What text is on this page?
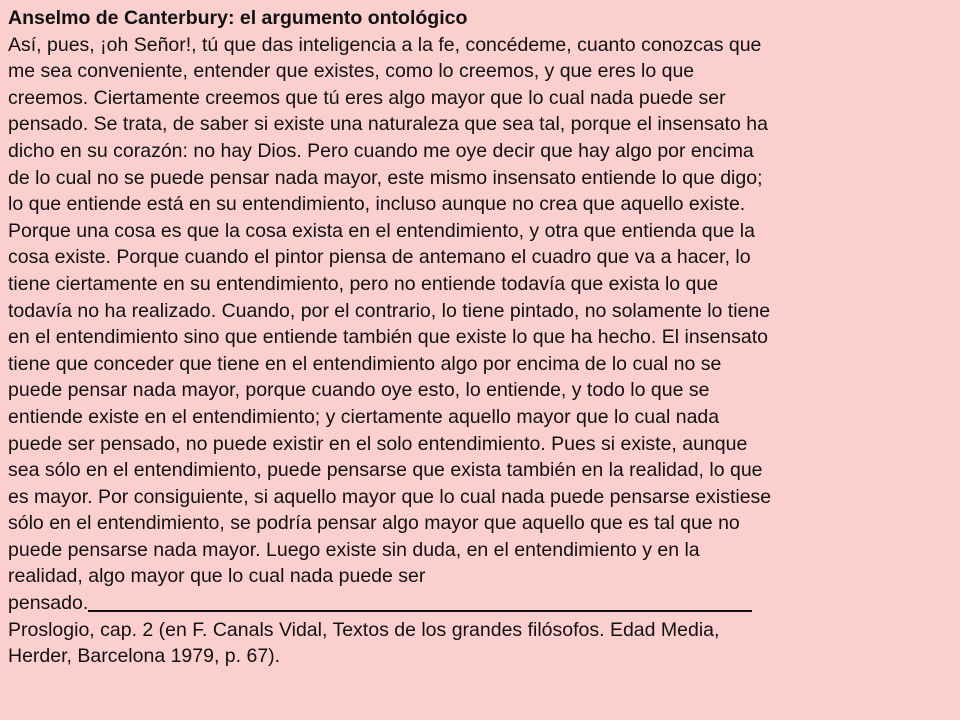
Anselmo de Canterbury: el argumento ontológico

Así, pues, ¡oh Señor!, tú que das inteligencia a la fe, concédeme, cuanto conozcas que

me sea conveniente, entender que existes, como lo creemos, y que eres lo que

creemos. Ciertamente creemos que tú eres algo mayor que lo cual nada puede ser

pensado. Se trata, de saber si existe una naturaleza que sea tal, porque el insensato ha

dicho en su corazón: no hay Dios. Pero cuando me oye decir que hay algo por encima

de lo cual no se puede pensar nada mayor, este mismo insensato entiende lo que digo;

lo que entiende está en su entendimiento, incluso aunque no crea que aquello existe.

Porque una cosa es que la cosa exista en el entendimiento, y otra que entienda que la

cosa existe. Porque cuando el pintor piensa de antemano el cuadro que va a hacer, lo

tiene ciertamente en su entendimiento, pero no entiende todavía que exista lo que

todavía no ha realizado. Cuando, por el contrario, lo tiene pintado, no solamente lo tiene

en el entendimiento sino que entiende también que existe lo que ha hecho. El insensato

tiene que conceder que tiene en el entendimiento algo por encima de lo cual no se

puede pensar nada mayor, porque cuando oye esto, lo entiende, y todo lo que se

entiende existe en el entendimiento; y ciertamente aquello mayor que lo cual nada

puede ser pensado, no puede existir en el solo entendimiento. Pues si existe, aunque

sea sólo en el entendimiento, puede pensarse que exista también en la realidad, lo que

es mayor. Por consiguiente, si aquello mayor que lo cual nada puede pensarse existiese

sólo en el entendimiento, se podría pensar algo mayor que aquello que es tal que no

puede pensarse nada mayor. Luego existe sin duda, en el entendimiento y en la

realidad, algo mayor que lo cual nada puede ser

pensado.

Proslogio, cap. 2 (en F. Canals Vidal, Textos de los grandes filósofos. Edad Media,

Herder, Barcelona 1979, p. 67).
